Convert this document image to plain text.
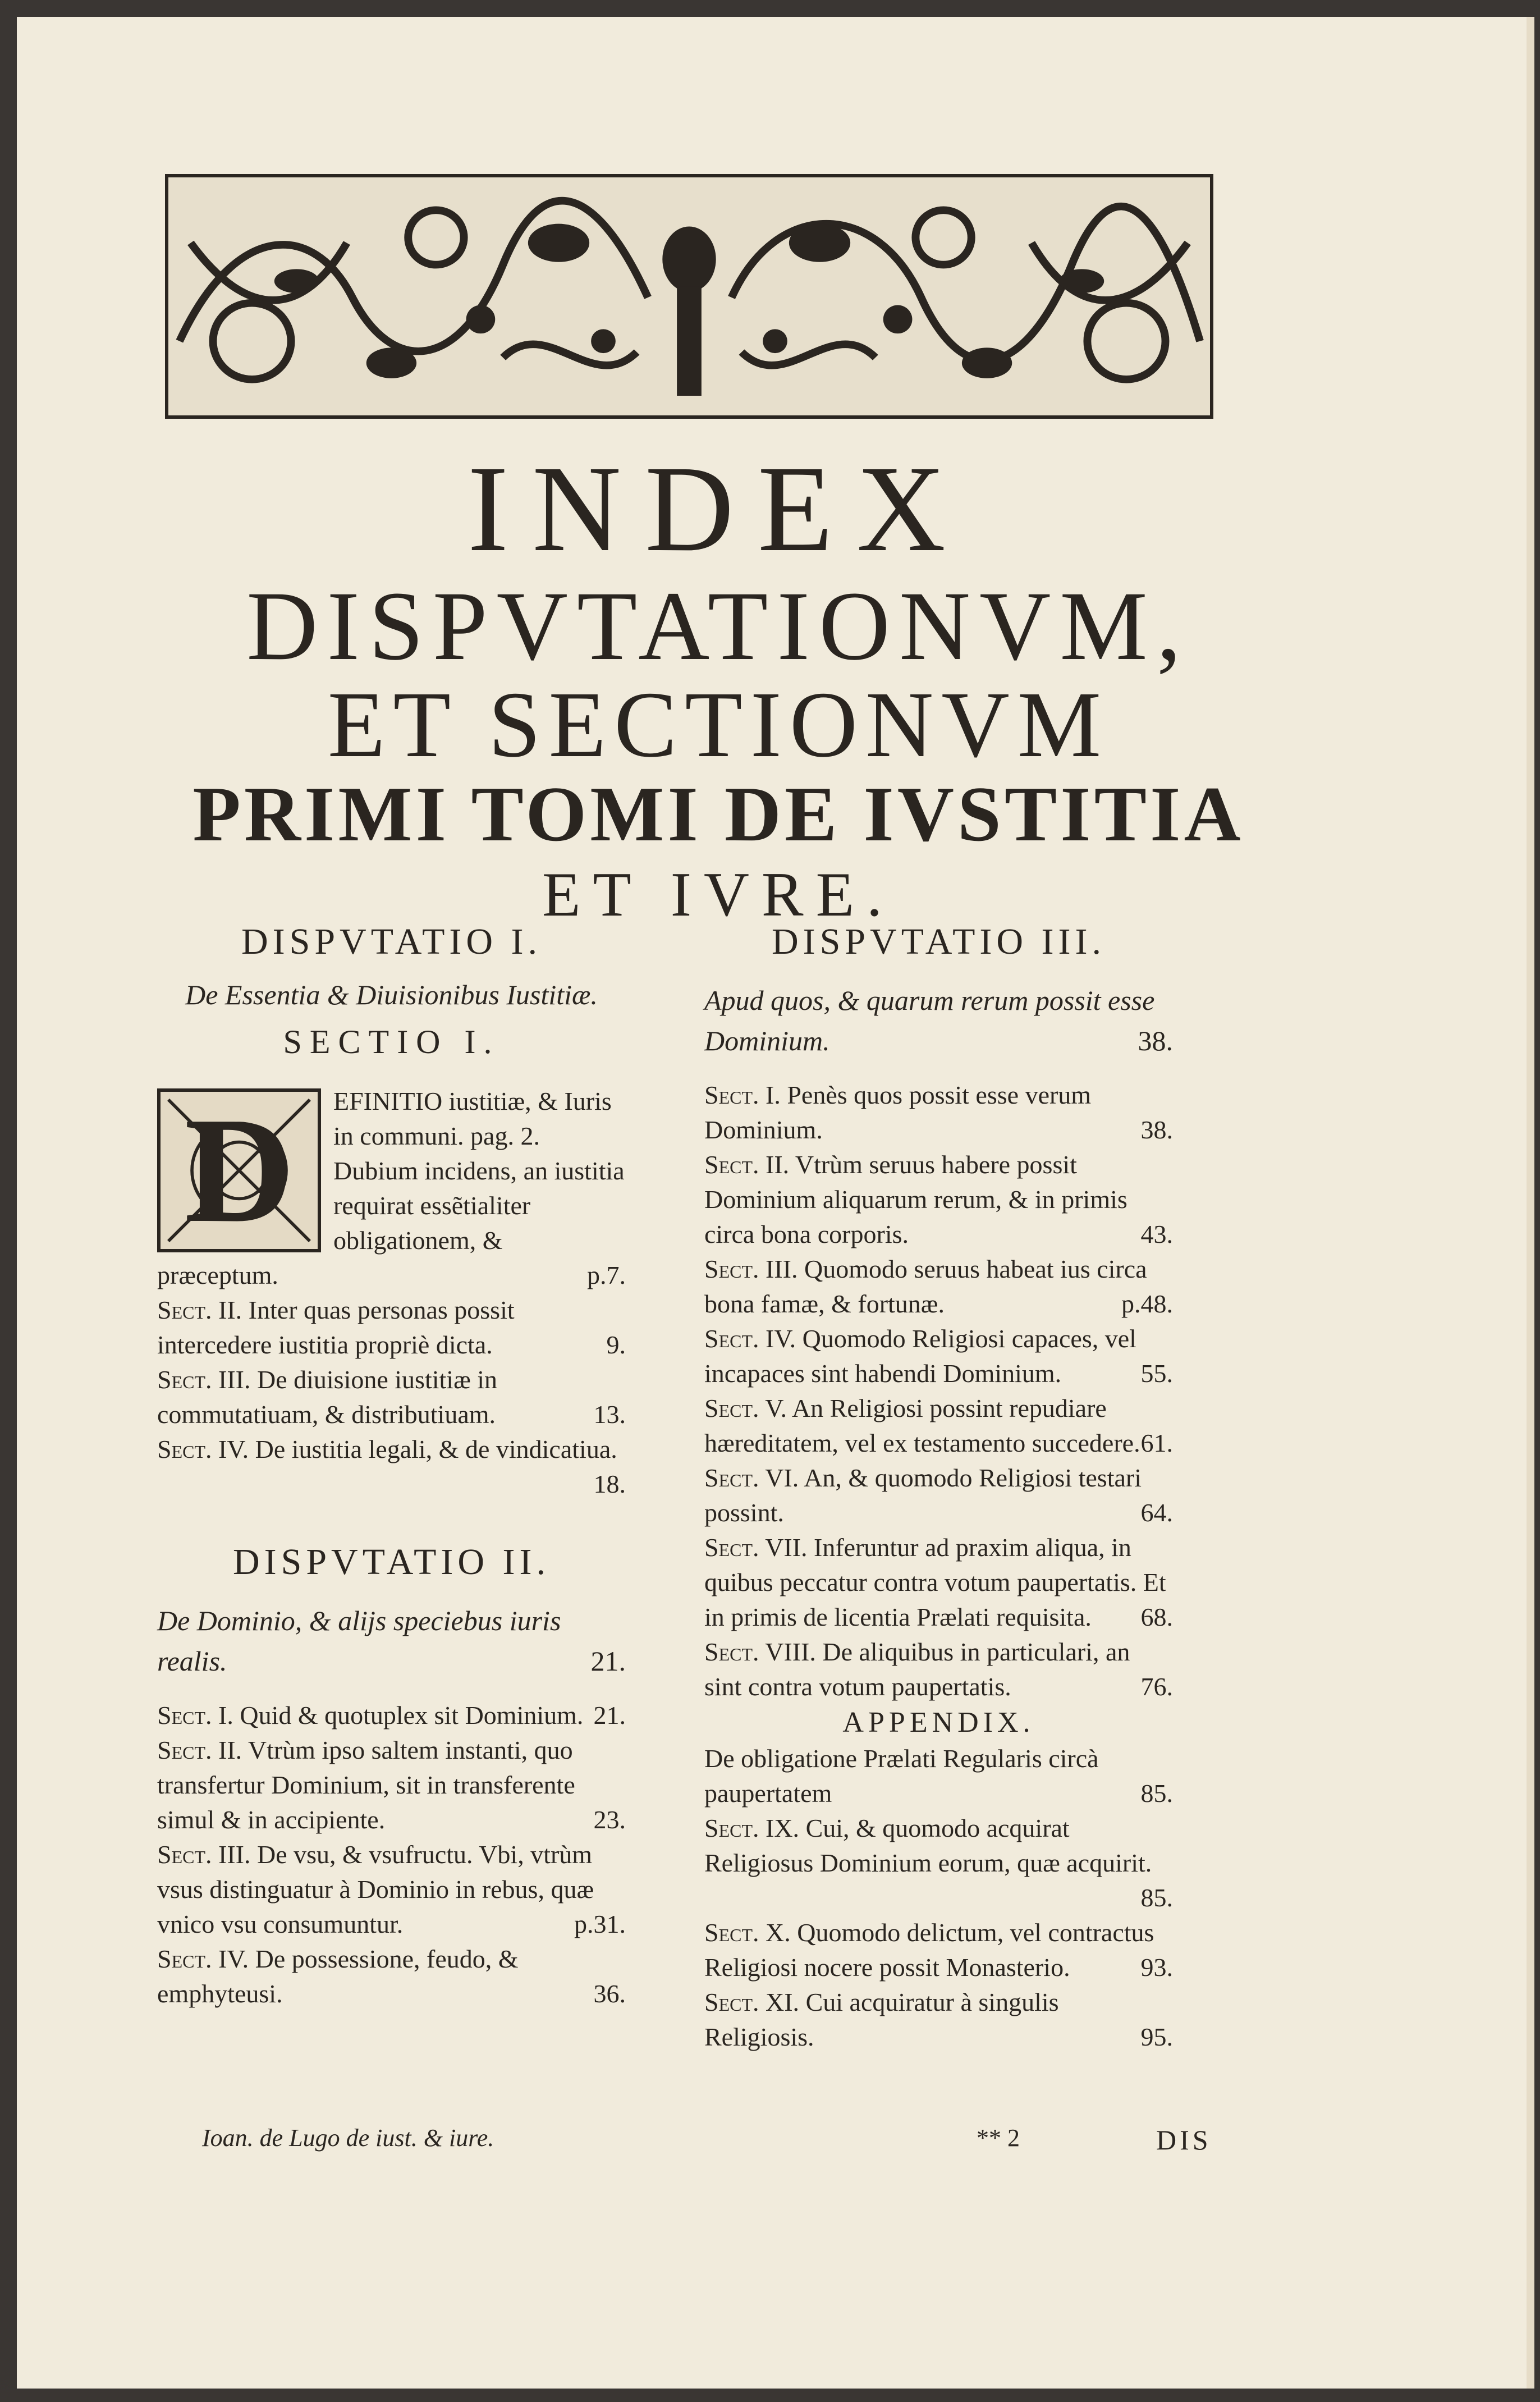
INDEX
DISPVTATIONVM,
ET SECTIONVM
PRIMI TOMI DE IVSTITIA
ET IVRE.

DISPVTATIO I.

De Essentia & Diuisionibus Iustitiæ.

SECTIO I.

D	EFINITIO iustitiæ, & Iuris in communi. pag. 2. Dubium incidens, an iustitia requirat essẽtialiter obligationem, & præceptum.	p.7.

Sect. II. Inter quas personas possit intercedere iustitia propriè dicta.	9.

Sect. III. De diuisione iustitiæ in commutatiuam, & distributiuam.	13.

Sect. IV. De iustitia legali, & de vindicatiua.
18.

DISPVTATIO II.

De Dominio, & alijs speciebus iuris realis.	21.

Sect. I. Quid & quotuplex sit Dominium. 21.

Sect. II. Vtrùm ipso saltem instanti, quo transfertur Dominium, sit in transferente simul & in accipiente.	23.

Sect. III. De vsu, & vsufructu. Vbi, vtrùm vsus distinguatur à Dominio in rebus, quæ vnico vsu consumuntur.	p.31.

Sect. IV. De possessione, feudo, & emphyteusi.	36.

DISPVTATIO III.

Apud quos, & quarum rerum possit esse Dominium.	38.

Sect. I. Penès quos possit esse verum Dominium.	38.

Sect. II. Vtrùm seruus habere possit Dominium aliquarum rerum, & in primis circa bona corporis.	43.

Sect. III. Quomodo seruus habeat ius circa bona famæ, & fortunæ.	p.48.

Sect. IV. Quomodo Religiosi capaces, vel incapaces sint habendi Dominium.	55.

Sect. V. An Religiosi possint repudiare hæreditatem, vel ex testamento succedere. 61.

Sect. VI. An, & quomodo Religiosi testari possint.	64.

Sect. VII. Inferuntur ad praxim aliqua, in quibus peccatur contra votum paupertatis. Et in primis de licentia Prælati requisita. 68.

Sect. VIII. De aliquibus in particulari, an sint contra votum paupertatis.	76.

APPENDIX.

De obligatione Prælati Regularis circà paupertatem	85.

Sect. IX. Cui, & quomodo acquirat Religiosus Dominium eorum, quæ acquirit.
85.

Sect. X. Quomodo delictum, vel contractus Religiosi nocere possit Monasterio.	93.

Sect. XI. Cui acquiratur à singulis Religiosis.	95.

Ioan. de Lugo de iust. & iure.	** 2	DIS
